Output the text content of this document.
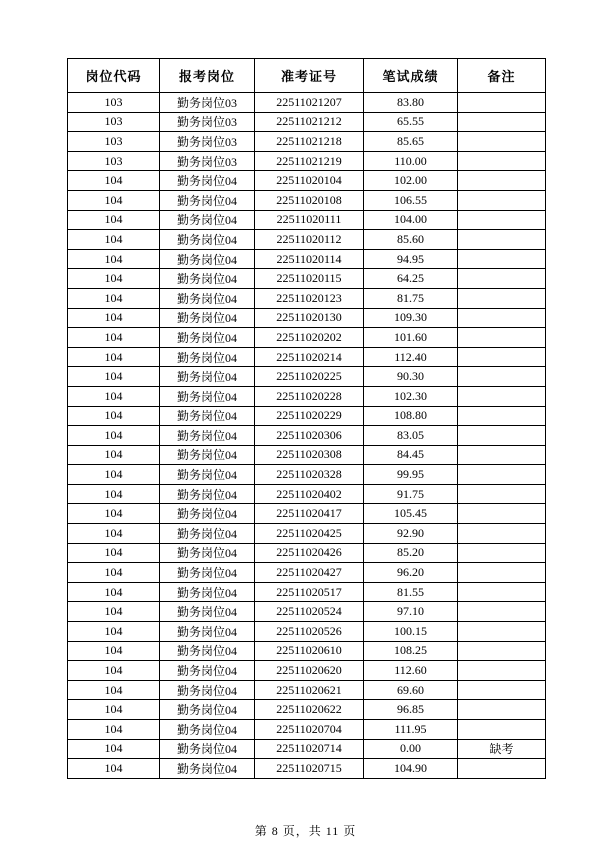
岗位代码	报考岗位	准考证号	笔试成绩	备注
103	勤务岗位03	22511021207	83.80	
103	勤务岗位03	22511021212	65.55	
103	勤务岗位03	22511021218	85.65	
103	勤务岗位03	22511021219	110.00	
104	勤务岗位04	22511020104	102.00	
104	勤务岗位04	22511020108	106.55	
104	勤务岗位04	22511020111	104.00	
104	勤务岗位04	22511020112	85.60	
104	勤务岗位04	22511020114	94.95	
104	勤务岗位04	22511020115	64.25	
104	勤务岗位04	22511020123	81.75	
104	勤务岗位04	22511020130	109.30	
104	勤务岗位04	22511020202	101.60	
104	勤务岗位04	22511020214	112.40	
104	勤务岗位04	22511020225	90.30	
104	勤务岗位04	22511020228	102.30	
104	勤务岗位04	22511020229	108.80	
104	勤务岗位04	22511020306	83.05	
104	勤务岗位04	22511020308	84.45	
104	勤务岗位04	22511020328	99.95	
104	勤务岗位04	22511020402	91.75	
104	勤务岗位04	22511020417	105.45	
104	勤务岗位04	22511020425	92.90	
104	勤务岗位04	22511020426	85.20	
104	勤务岗位04	22511020427	96.20	
104	勤务岗位04	22511020517	81.55	
104	勤务岗位04	22511020524	97.10	
104	勤务岗位04	22511020526	100.15	
104	勤务岗位04	22511020610	108.25	
104	勤务岗位04	22511020620	112.60	
104	勤务岗位04	22511020621	69.60	
104	勤务岗位04	22511020622	96.85	
104	勤务岗位04	22511020704	111.95	
104	勤务岗位04	22511020714	0.00	缺考
104	勤务岗位04	22511020715	104.90	
第 8 页，共 11 页
